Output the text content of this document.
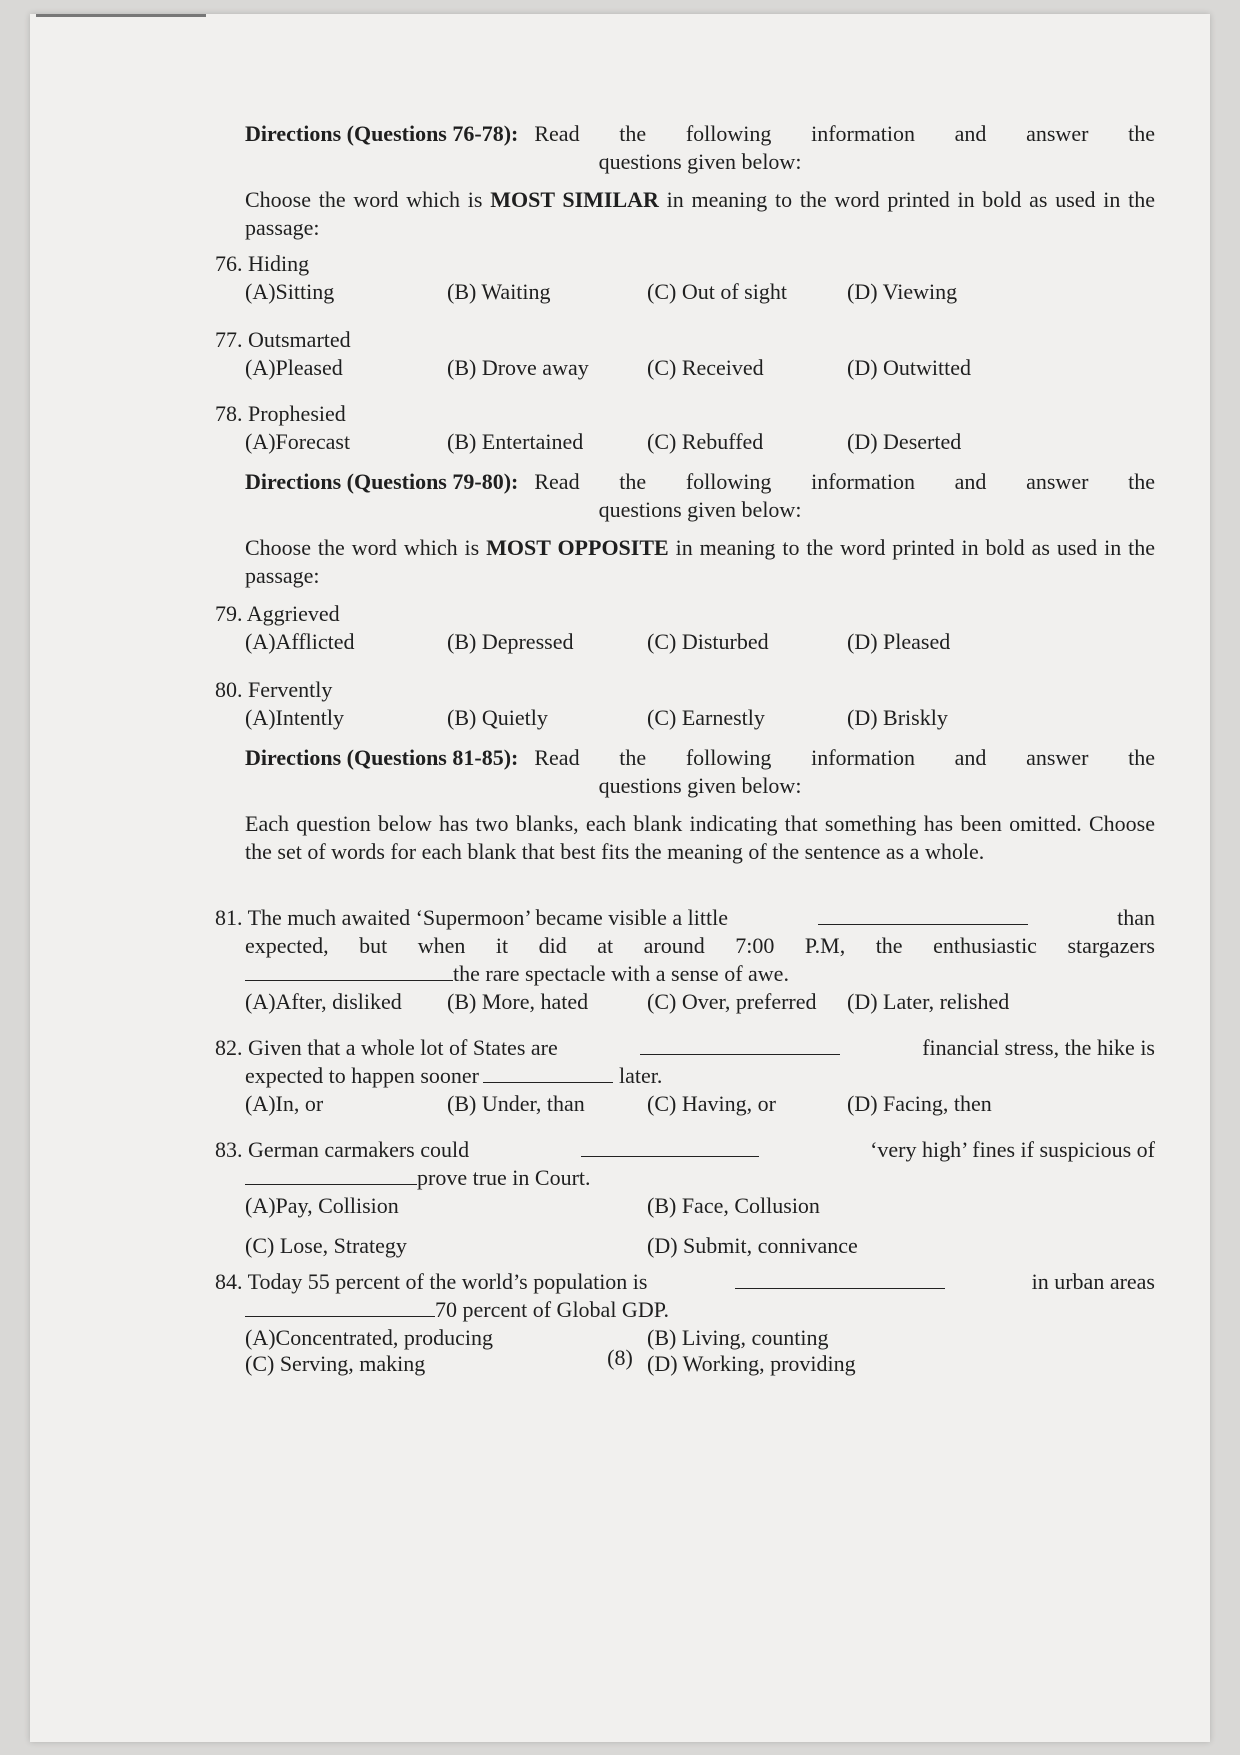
Directions (Questions 76-78): Read the following information and answer the
questions given below:
Choose the word which is MOST SIMILAR in meaning to the word printed in bold as used in the passage:
76. Hiding
(A)Sitting	(B) Waiting	(C) Out of sight	(D) Viewing
77. Outsmarted
(A)Pleased	(B) Drove away	(C) Received	(D) Outwitted
78. Prophesied
(A)Forecast	(B) Entertained	(C) Rebuffed	(D) Deserted
Directions (Questions 79-80): Read the following information and answer the
questions given below:
Choose the word which is MOST OPPOSITE in meaning to the word printed in bold as used in the passage:
79. Aggrieved
(A)Afflicted	(B) Depressed	(C) Disturbed	(D) Pleased
80. Fervently
(A)Intently	(B) Quietly	(C) Earnestly	(D) Briskly
Directions (Questions 81-85): Read the following information and answer the
questions given below:
Each question below has two blanks, each blank indicating that something has been omitted. Choose the set of words for each blank that best fits the meaning of the sentence as a whole.
81. The much awaited ‘Supermoon’ became visible a little	than
expected, but when it did at around 7:00 P.M, the enthusiastic stargazers
the rare spectacle with a sense of awe.
(A)After, disliked (B) More, hated	(C) Over, preferred (D) Later, relished
82. Given that a whole lot of States are	financial stress, the hike is
expected to happen sooner	later.
(A)In, or	(B) Under, than	(C) Having, or	(D) Facing, then
83. German carmakers could	‘very high’ fines if suspicious of
prove true in Court.
(A)Pay, Collision	(B) Face, Collusion
(C) Lose, Strategy	(D) Submit, connivance
84. Today 55 percent of the world’s population is	in urban areas
70 percent of Global GDP.
(A)Concentrated, producing	(B) Living, counting
(C) Serving, making	(D) Working, providing
(8)
